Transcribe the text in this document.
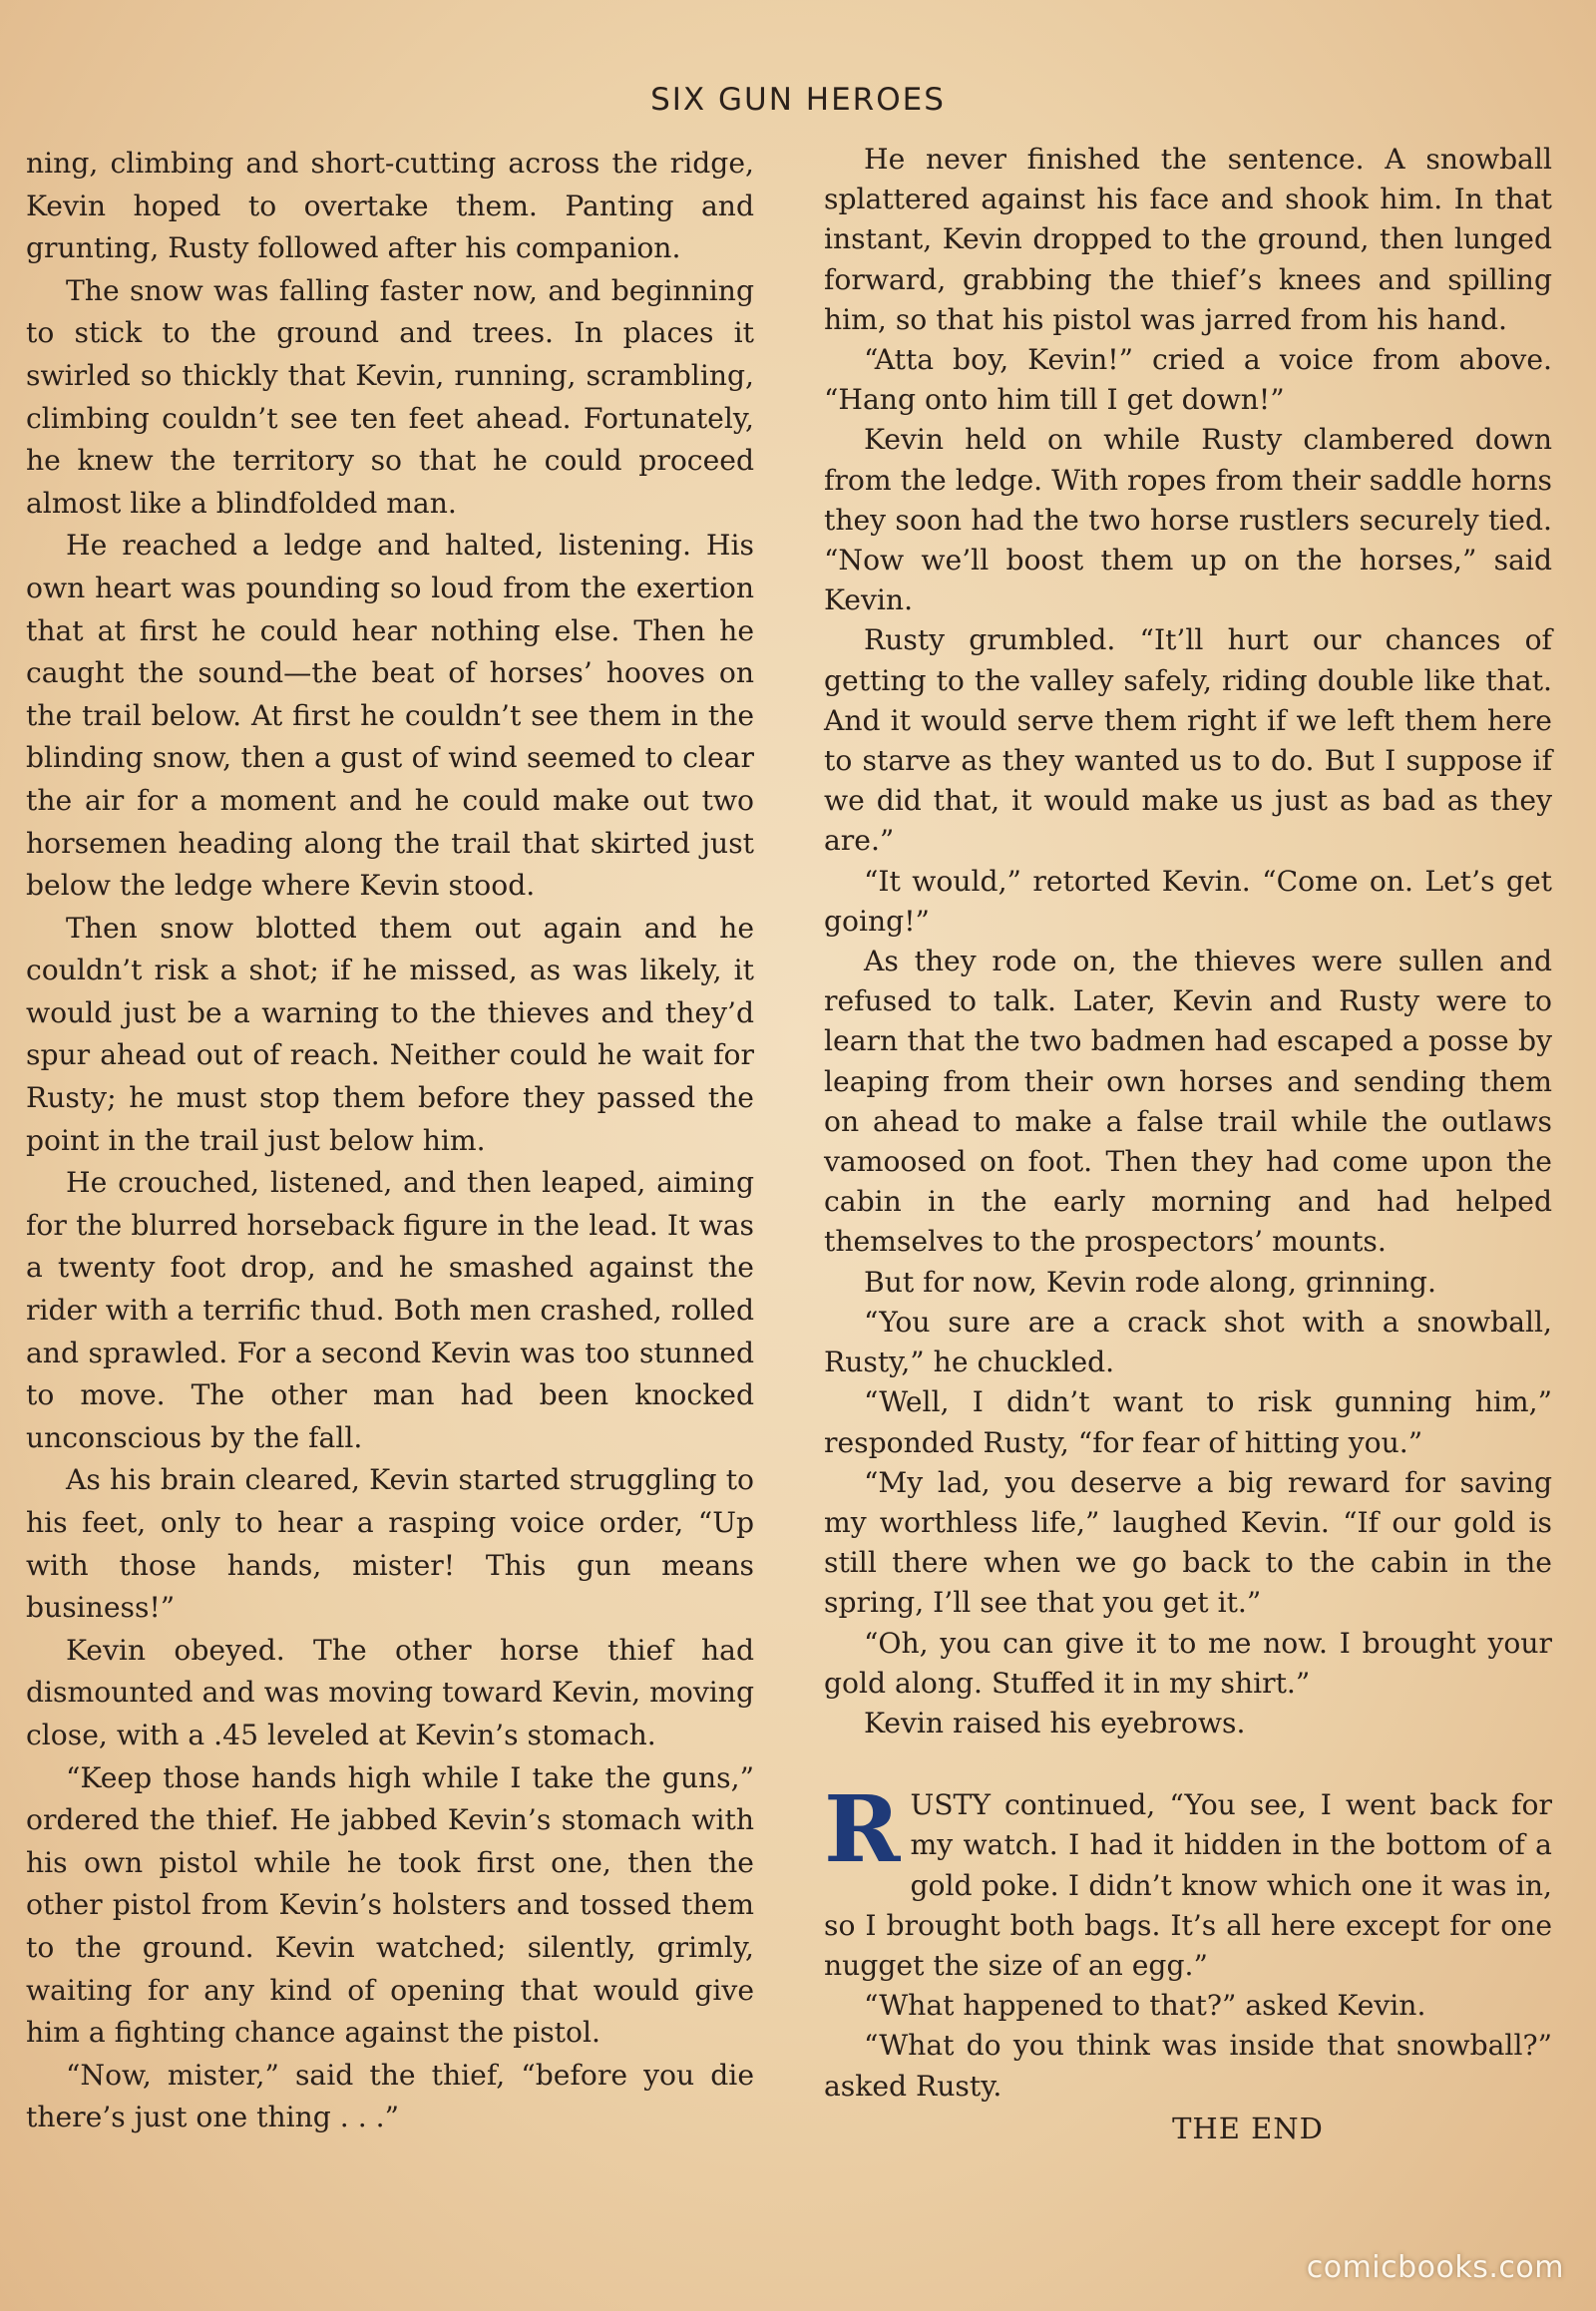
SIX GUN HEROES

ning, climbing and short-cutting across the ridge, Kevin hoped to overtake them. Panting and grunting, Rusty followed after his companion.

The snow was falling faster now, and beginning to stick to the ground and trees. In places it swirled so thickly that Kevin, running, scrambling, climbing couldn’t see ten feet ahead. Fortunately, he knew the territory so that he could proceed almost like a blindfolded man.

He reached a ledge and halted, listening. His own heart was pounding so loud from the exertion that at first he could hear nothing else. Then he caught the sound—the beat of horses’ hooves on the trail below. At first he couldn’t see them in the blinding snow, then a gust of wind seemed to clear the air for a moment and he could make out two horsemen heading along the trail that skirted just below the ledge where Kevin stood.

Then snow blotted them out again and he couldn’t risk a shot; if he missed, as was likely, it would just be a warning to the thieves and they’d spur ahead out of reach. Neither could he wait for Rusty; he must stop them before they passed the point in the trail just below him.

He crouched, listened, and then leaped, aiming for the blurred horseback figure in the lead. It was a twenty foot drop, and he smashed against the rider with a terrific thud. Both men crashed, rolled and sprawled. For a second Kevin was too stunned to move. The other man had been knocked unconscious by the fall.

As his brain cleared, Kevin started struggling to his feet, only to hear a rasping voice order, “Up with those hands, mister! This gun means business!”

Kevin obeyed. The other horse thief had dismounted and was moving toward Kevin, moving close, with a .45 leveled at Kevin’s stomach.

“Keep those hands high while I take the guns,” ordered the thief. He jabbed Kevin’s stomach with his own pistol while he took first one, then the other pistol from Kevin’s holsters and tossed them to the ground. Kevin watched; silently, grimly, waiting for any kind of opening that would give him a fighting chance against the pistol.

“Now, mister,” said the thief, “before you die there’s just one thing . . .”

He never finished the sentence. A snowball splattered against his face and shook him. In that instant, Kevin dropped to the ground, then lunged forward, grabbing the thief’s knees and spilling him, so that his pistol was jarred from his hand.

“Atta boy, Kevin!” cried a voice from above. “Hang onto him till I get down!”

Kevin held on while Rusty clambered down from the ledge. With ropes from their saddle horns they soon had the two horse rustlers securely tied. “Now we’ll boost them up on the horses,” said Kevin.

Rusty grumbled. “It’ll hurt our chances of getting to the valley safely, riding double like that. And it would serve them right if we left them here to starve as they wanted us to do. But I suppose if we did that, it would make us just as bad as they are.”

“It would,” retorted Kevin. “Come on. Let’s get going!”

As they rode on, the thieves were sullen and refused to talk. Later, Kevin and Rusty were to learn that the two badmen had escaped a posse by leaping from their own horses and sending them on ahead to make a false trail while the outlaws vamoosed on foot. Then they had come upon the cabin in the early morning and had helped themselves to the prospectors’ mounts.

But for now, Kevin rode along, grinning.

“You sure are a crack shot with a snowball, Rusty,” he chuckled.

“Well, I didn’t want to risk gunning him,” responded Rusty, “for fear of hitting you.”

“My lad, you deserve a big reward for saving my worthless life,” laughed Kevin. “If our gold is still there when we go back to the cabin in the spring, I’ll see that you get it.”

“Oh, you can give it to me now. I brought your gold along. Stuffed it in my shirt.”

Kevin raised his eyebrows.

RUSTY continued, “You see, I went back for my watch. I had it hidden in the bottom of a gold poke. I didn’t know which one it was in, so I brought both bags. It’s all here except for one nugget the size of an egg.”

“What happened to that?” asked Kevin.

“What do you think was inside that snowball?” asked Rusty.

THE END

comicbooks.com
